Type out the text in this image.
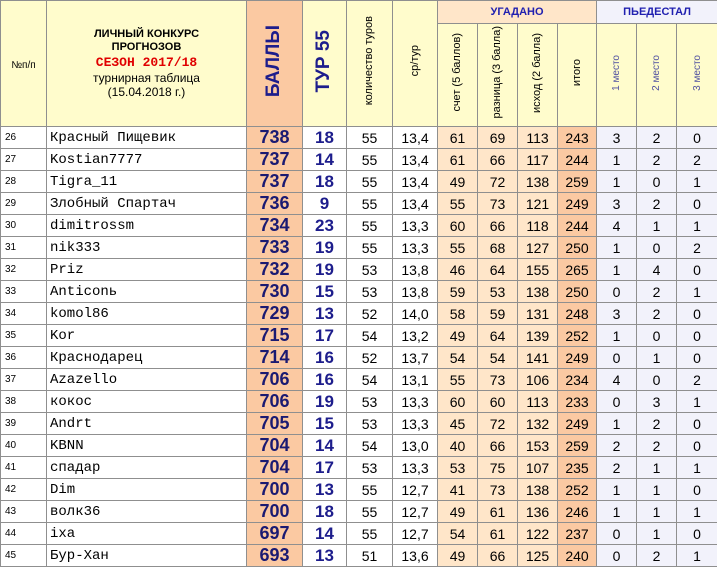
№п/п	ЛИЧНЫЙ КОНКУРС
ПРОГНОЗОВ
СЕЗОН 2017/18
турнирная таблица
(15.04.2018 г.)	БАЛЛЫ	ТУР 55	количество туров	ср/тур	УГАДАНО				ПЬЕДЕСТАЛ		
						счет (5 баллов)	разница (3 балла)	исход (2 балла)	итого	1 место	2 место	3 место
26	Красный Пищевик	738	18	55	13,4	61	69	113	243	3	2	0
27	Kostian7777	737	14	55	13,4	61	66	117	244	1	2	2
28	Tigra_11	737	18	55	13,4	49	72	138	259	1	0	1
29	Злобный Спартач	736	9	55	13,4	55	73	121	249	3	2	0
30	dimitrossm	734	23	55	13,3	60	66	118	244	4	1	1
31	nik333	733	19	55	13,3	55	68	127	250	1	0	2
32	Priz	732	19	53	13,8	46	64	155	265	1	4	0
33	Anticonь	730	15	53	13,8	59	53	138	250	0	2	1
34	komol86	729	13	52	14,0	58	59	131	248	3	2	0
35	Kor	715	17	54	13,2	49	64	139	252	1	0	0
36	Краснодарец	714	16	52	13,7	54	54	141	249	0	1	0
37	Azazello	706	16	54	13,1	55	73	106	234	4	0	2
38	кокос	706	19	53	13,3	60	60	113	233	0	3	1
39	Andrt	705	15	53	13,3	45	72	132	249	1	2	0
40	KBNN	704	14	54	13,0	40	66	153	259	2	2	0
41	спадар	704	17	53	13,3	53	75	107	235	2	1	1
42	Dim	700	13	55	12,7	41	73	138	252	1	1	0
43	волк36	700	18	55	12,7	49	61	136	246	1	1	1
44	ixa	697	14	55	12,7	54	61	122	237	0	1	0
45	Бур-Хан	693	13	51	13,6	49	66	125	240	0	2	1
